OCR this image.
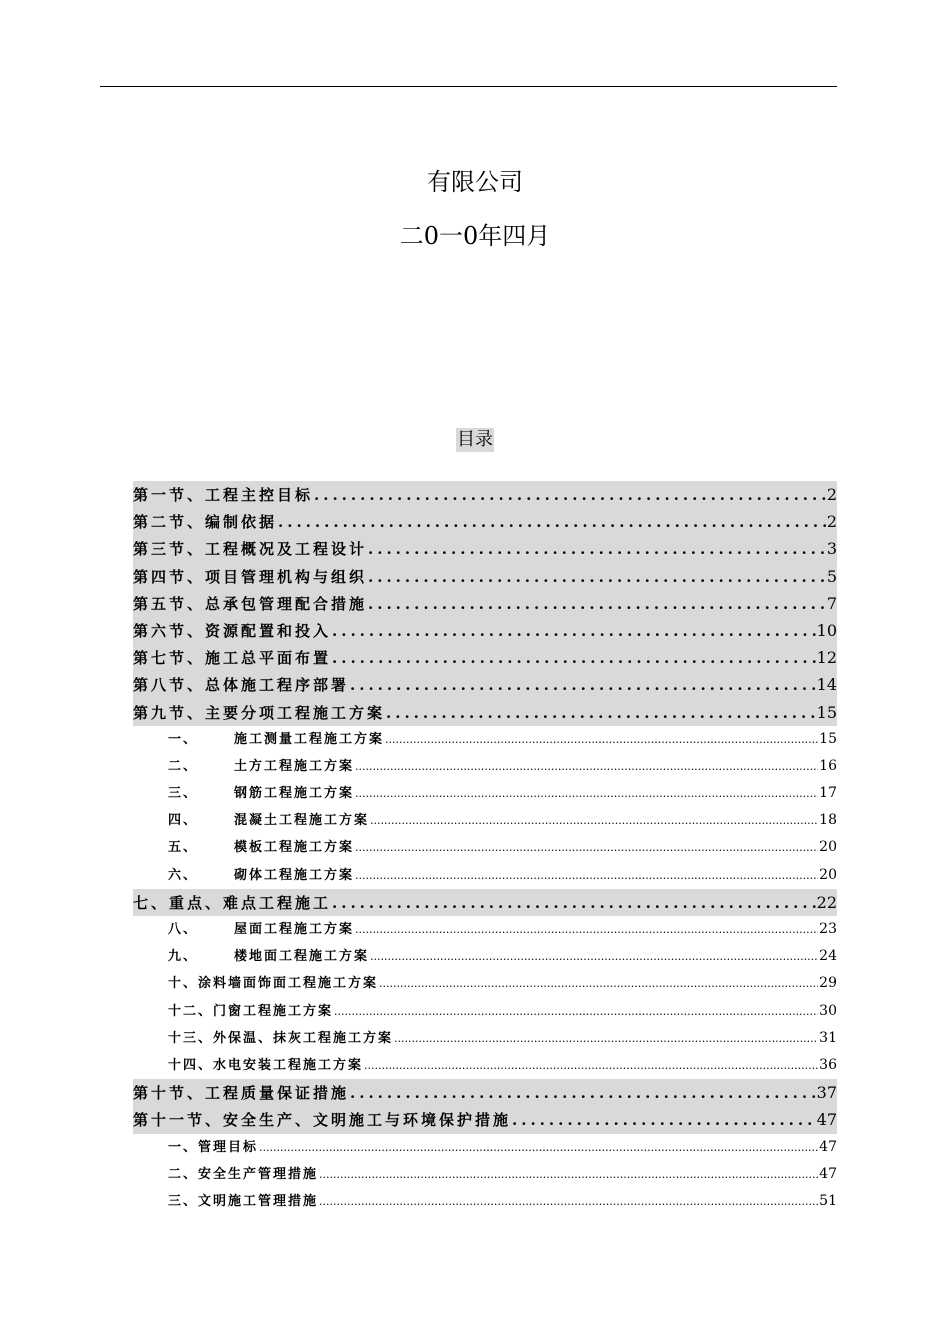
有限公司
二0一0年四月
目录
第一节、工程主控目标 .....	2
第二节、编制依据 .....	2
第三节、工程概况及工程设计 .....	3
第四节、项目管理机构与组织 .....	5
第五节、总承包管理配合措施 .....	7
第六节、资源配置和投入 .....	10
第七节、施工总平面布置 .....	12
第八节、总体施工程序部署 .....	14
第九节、主要分项工程施工方案 .....	15
一、	施工测量工程施工方案 .....	15
二、	土方工程施工方案 .....	16
三、	钢筋工程施工方案 .....	17
四、	混凝土工程施工方案 .....	18
五、	模板工程施工方案 .....	20
六、	砌体工程施工方案 .....	20
七、重点、难点工程施工 .....	22
八、	屋面工程施工方案 .....	23
九、	楼地面工程施工方案 .....	24
十、涂料墙面饰面工程施工方案 .....	29
十二、门窗工程施工方案 .....	30
十三、外保温、抹灰工程施工方案 .....	31
十四、水电安装工程施工方案 .....	36
第十节、工程质量保证措施 .....	37
第十一节、安全生产、文明施工与环境保护措施 .....	47
一、管理目标 .....	47
二、安全生产管理措施 .....	47
三、文明施工管理措施 .....	51
